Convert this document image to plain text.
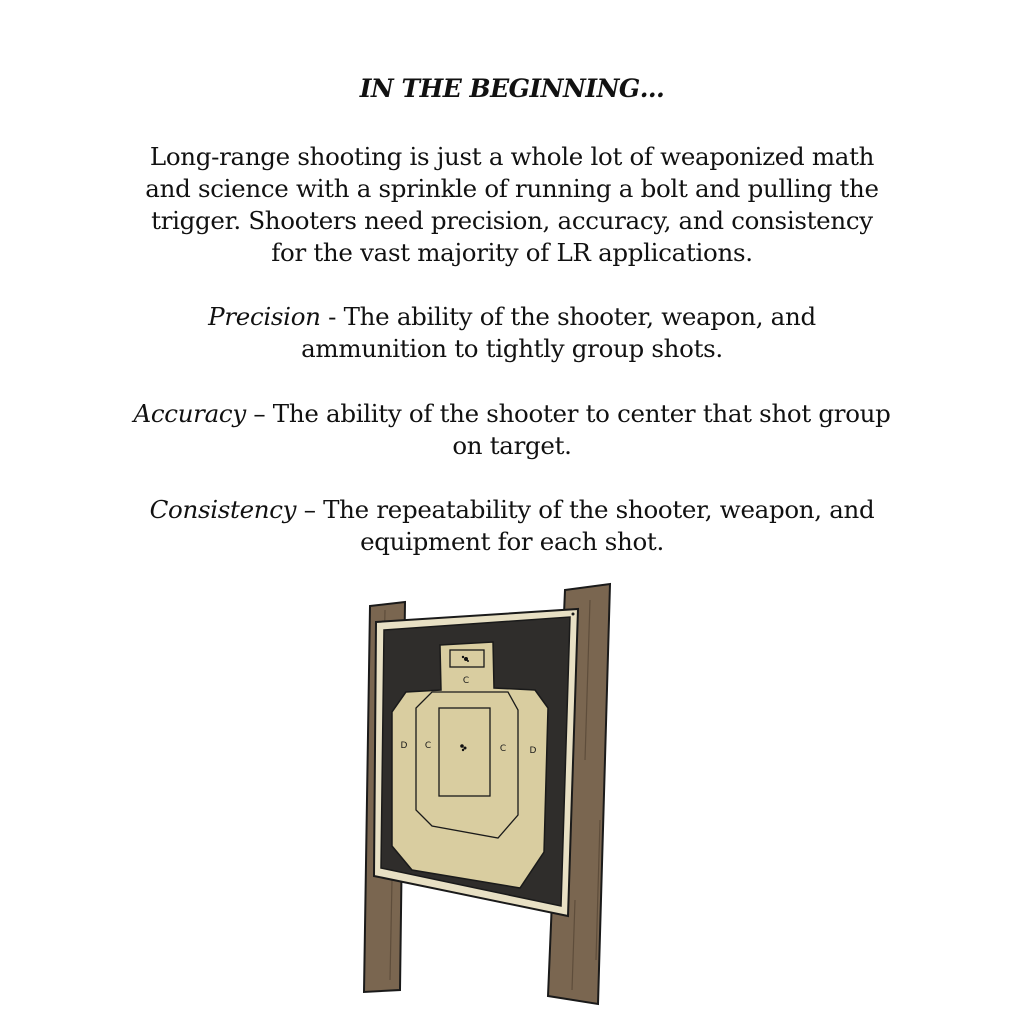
IN THE BEGINNING…
Long-range shooting is just a whole lot of weaponized math
and science with a sprinkle of running a bolt and pulling the
trigger. Shooters need precision, accuracy, and consistency
for the vast majority of LR applications.
Precision - The ability of the shooter, weapon, and
ammunition to tightly group shots.
Accuracy – The ability of the shooter to center that shot group
on target.
Consistency – The repeatability of the shooter, weapon, and
equipment for each shot.
C
D C	C	D
